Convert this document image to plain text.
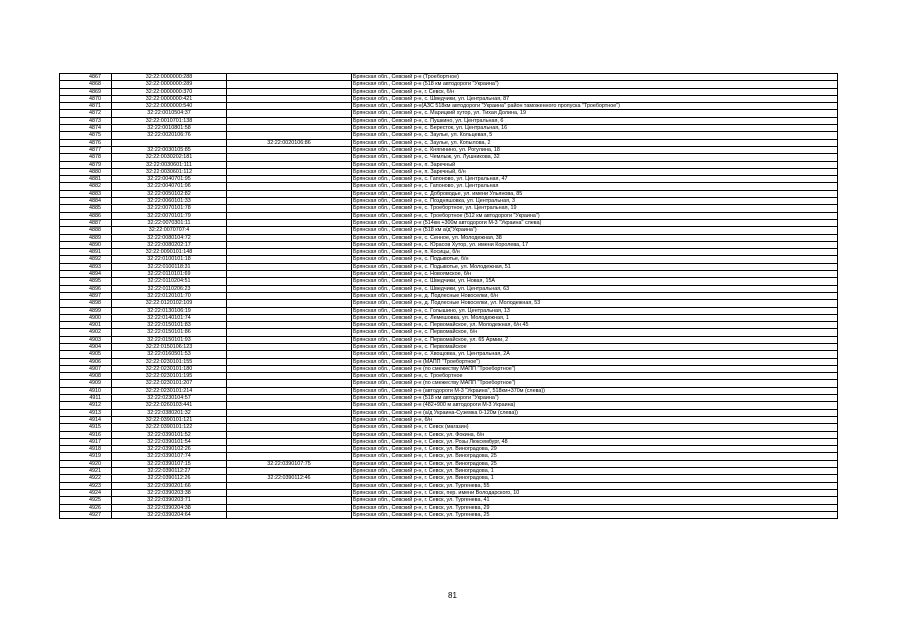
4867	32:22:0000000:288		Брянская обл., Севский р-н (Троебортное)
4868	32:22:0000000:289		Брянская обл., Севский р-н (518 км автодороги "Украина")
4869	32:22:0000000:370		Брянская обл., Севский р-н, г. Севск, б/н
4870	32:22:0000000:421		Брянская обл., Севский р-н, с. Шведчики, ул. Центральная, 87
4871	32:22:0000000:540		Брянская обл., Севский р-н(АЗС 518км автодороги "Украина" район таможенного пропуска "Троебортное")
4872	32:22:0010504:37		Брянская обл., Севский р-н, с. Марицкий хутор, ул. Тихая Долина, 19
4873	32:22:0010701:138		Брянская обл., Севский р-н, с. Пушкино, ул. Центральная, 6
4874	32:22:0010801:58		Брянская обл., Севский р-н, с. Бересток, ул. Центральная, 16
4875	32:22:0020106:76		Брянская обл., Севский р-н, с. Заулье, ул. Кольцевая, 5
4876		32:22:0020106:86	Брянская обл., Севский р-н, с. Заулье, ул. Копылова, 2
4877	32:22:0030105:85		Брянская обл., Севский р-н, с. Княгинино, ул. Рогулина, 18
4878	32:22:0030202:181		Брянская обл., Севский р-н, с. Чемлыж, ул. Лушникова, 32
4879	32:22:0030601:111		Брянская обл., Севский р-н, п. Заречный
4880	32:22:0030601:112		Брянская обл., Севский р-н, п. Заречный, б/н
4881	32:22:0040701:95		Брянская обл., Севский р-н, с. Гапоново, ул. Центральная, 47
4882	32:22:0040701:96		Брянская обл., Севский р-н, с. Гапоново, ул. Центральная
4883	32:22:0050102:82		Брянская обл., Севский р-н, с. Доброводье, ул. имени Ульянова, 85
4884	32:22:0060101:33		Брянская обл., Севский р-н, с. Поздняшовка, ул. Центральная, 3
4885	32:22:0070101:78		Брянская обл., Севский р-н, с. Троебортное, ул. Центральная, 19
4886	32:22:0070101:79		Брянская обл., Севский р-н, с. Троебортное (512 км автодороги "Украина")
4887	32:22:0070301:11		Брянская обл., Севский р-н (514км +300м автодороги М-3 "Украина" слева)
4888	32:22:0070707:4		Брянская обл., Севский р-н (518 км а/д"Украина")
4889	32:22:0080104:72		Брянская обл., Севский р-н, с. Сенное, ул. Молодежная, 38
4890	32:22:0080202:17		Брянская обл., Севский р-н, с. Юрасов Хутор, ул. имени Королева, 17
4891	32:22:0090101:148		Брянская обл., Севский р-н, п. Косицы, б/н
4892	32:22:0100101:18		Брянская обл., Севский р-н, с. Подывотье, б/н
4893	32:22:0100118:31		Брянская обл., Севский р-н, с. Подывотье, ул. Молодежная, 51
4894	32:22:0110101:69		Брянская обл., Севский р-н, с. Новоямское, б/н
4895	32:22:0110204:51		Брянская обл., Севский р-н, с. Шведчики, ул. Новая, 15А
4896	32:22:0110206:23		Брянская обл., Севский р-н, с. Шведчики, ул. Центральная, 63
4897	32:22:0120101:70		Брянская обл., Севский р-н, д. Подлесные Новоселки, б/н
4898	32:22:0120102:109		Брянская обл., Севский р-н, д. Подлесные Новоселки, ул. Молодежная, 53
4899	32:22:0130106:19		Брянская обл., Севский р-н, с. Голышино, ул. Центральная, 13
4900	32:22:0140101:74		Брянская обл., Севский р-н, с. Лемешовка, ул. Молодежная, 1
4901	32:22:0150101:83		Брянская обл., Севский р-н, с. Первомайское, ул. Молодежная, б/н 45
4902	32:22:0150101:86		Брянская обл., Севский р-н, с. Первомайское, б/н
4903	32:22:0150101:93		Брянская обл., Севский р-н, с. Первомайское, ул. 65 Армии, 2
4904	32:22:0150106:123		Брянская обл., Севский р-н, с. Первомайское
4905	32:22:0160501:53		Брянская обл., Севский р-н, с. Хвощовка, ул. Центральная, 2А
4906	32:22:0230101:155		Брянская обл., Севский р-н (МАПП "Троебортное")
4907	32:22:0230101:180		Брянская обл., Севский р-н (по смежеству МАПП "Троебортное")
4908	32:22:0230101:195		Брянская обл., Севский р-н, с. Троебортное
4909	32:22:0230101:207		Брянская обл., Севский р-н (по смежеству МАПП "Троебортное")
4910	32:22:0230101:214		Брянская обл., Севский р-н (автодороги М-3 "Украина", 518км+370м (слева))
4911	32:22:0230104:57		Брянская обл., Севский р-н (518 км автодороги "Украина")
4912	32:22:0260103:441		Брянская обл., Севский р-н (482+900 м автодороги М-3 Украина)
4913	32:22:0380201:32		Брянская обл., Севский р-н (а/д Украина-Суземка 0-120м (слева))
4914	32:22:0390101:121		Брянская обл., Севский р-н, б/н
4915	32:22:0390101:122		Брянская обл., Севский р-н, г. Севск (магазин)
4916	32:22:0390101:52		Брянская обл., Севский р-н, г. Севск, ул. Фокина, б/н
4917	32:22:0390101:54		Брянская обл., Севский р-н, г. Севск, ул. Розы Люксембург, 48
4918	32:22:0390102:26		Брянская обл., Севский р-н, г. Севск, ул. Виноградова, 29
4919	32:22:0390107:74		Брянская обл., Севский р-н, г. Севск, ул. Виноградова, 25
4920	32:22:0390107:15	32:22:0390107:75	Брянская обл., Севский р-н, г. Севск, ул. Виноградова, 25
4921	32:22:0390112:27		Брянская обл., Севский р-н, г. Севск, ул. Виноградова, 1
4922	32:22:0390112:26	32:22:0390112:46	Брянская обл., Севский р-н, г. Севск, ул. Виноградова, 1
4923	32:22:0390201:66		Брянская обл., Севский р-н, г. Севск, ул. Тургенева, 55
4924	32:22:0390203:38		Брянская обл., Севский р-н, г. Севск, пер. имени Володарского, 10
4925	32:22:0390203:71		Брянская обл., Севский р-н, г. Севск, ул. Тургенева, 41
4926	32:22:0390204:38		Брянская обл., Севский р-н, г. Севск, ул. Тургенева, 29
4927	32:22:0390204:64		Брянская обл., Севский р-н, г. Севск, ул. Тургенева, 25
81
